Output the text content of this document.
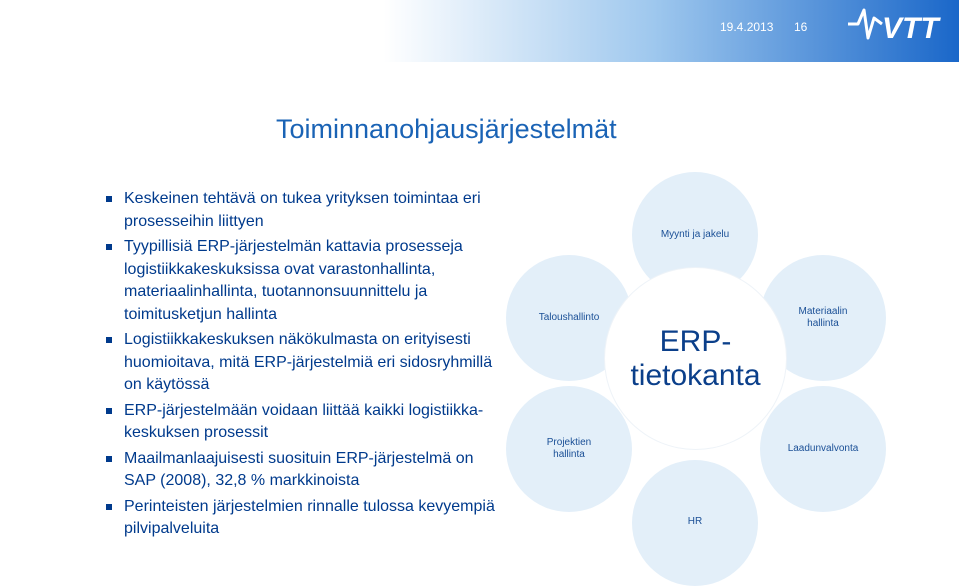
19.4.2013 16 VTT
Toiminnanohjausjärjestelmät
Keskeinen tehtävä on tukea yrityksen toimintaa eri prosesseihin liittyen
Tyypillisiä ERP-järjestelmän kattavia prosesseja logistiikkakeskuksissa ovat varastonhallinta, materiaalinhallinta, tuotannonsuunnittelu ja toimitusketjun hallinta
Logistiikkakeskuksen näkökulmasta on erityisesti huomioitava, mitä ERP-järjestelmiä eri sidosryhmillä on käytössä
ERP-järjestelmään voidaan liittää kaikki logistiikka-keskuksen prosessit
Maailmanlaajuisesti suosituin ERP-järjestelmä on SAP (2008), 32,8 % markkinoista
Perinteisten järjestelmien rinnalle tulossa kevyempiä pilvipalveluita
Myynti ja jakelu
Materiaalin hallinta
Laadunvalvonta
HR
Projektien hallinta
Taloushallinto
ERP-tietokanta
